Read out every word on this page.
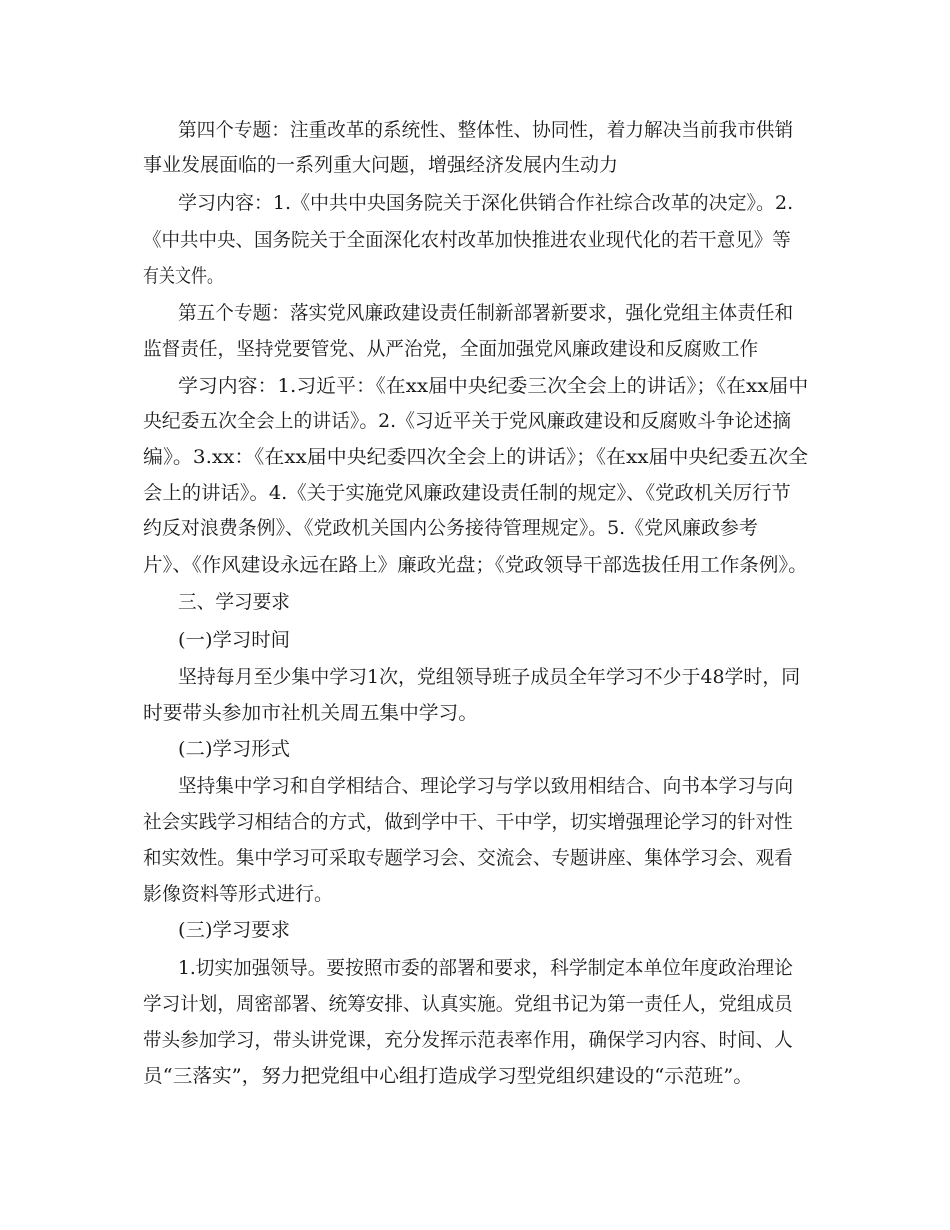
第四个专题：注重改革的系统性、整体性、协同性，着力解决当前我市供销
事业发展面临的一系列重大问题，增强经济发展内生动力
学习内容：1.《中共中央国务院关于深化供销合作社综合改革的决定》。2.
《中共中央、国务院关于全面深化农村改革加快推进农业现代化的若干意见》等
有关文件。
第五个专题：落实党风廉政建设责任制新部署新要求，强化党组主体责任和
监督责任，坚持党要管党、从严治党，全面加强党风廉政建设和反腐败工作
学习内容：1.习近平：《在xx届中央纪委三次全会上的讲话》；《在xx届中
央纪委五次全会上的讲话》。2.《习近平关于党风廉政建设和反腐败斗争论述摘
编》。3.xx：《在xx届中央纪委四次全会上的讲话》；《在xx届中央纪委五次全
会上的讲话》。4.《关于实施党风廉政建设责任制的规定》、《党政机关厉行节
约反对浪费条例》、《党政机关国内公务接待管理规定》。5.《党风廉政参考
片》、《作风建设永远在路上》廉政光盘；《党政领导干部选拔任用工作条例》。
三、学习要求
(一)学习时间
坚持每月至少集中学习1次，党组领导班子成员全年学习不少于48学时，同
时要带头参加市社机关周五集中学习。
(二)学习形式
坚持集中学习和自学相结合、理论学习与学以致用相结合、向书本学习与向
社会实践学习相结合的方式，做到学中干、干中学，切实增强理论学习的针对性
和实效性。集中学习可采取专题学习会、交流会、专题讲座、集体学习会、观看
影像资料等形式进行。
(三)学习要求
1.切实加强领导。要按照市委的部署和要求，科学制定本单位年度政治理论
学习计划，周密部署、统筹安排、认真实施。党组书记为第一责任人，党组成员
带头参加学习，带头讲党课，充分发挥示范表率作用，确保学习内容、时间、人
员“三落实”，努力把党组中心组打造成学习型党组织建设的“示范班”。
